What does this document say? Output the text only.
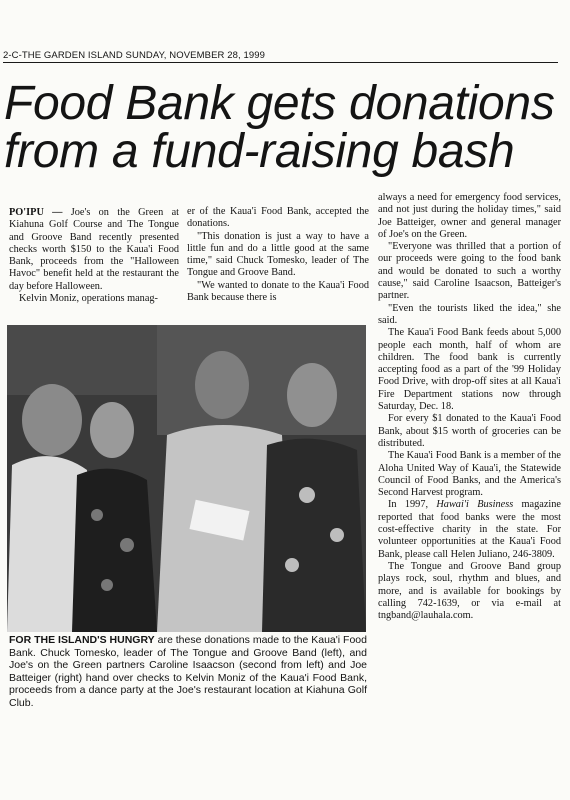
2-C-THE GARDEN ISLAND SUNDAY, NOVEMBER 28, 1999
Food Bank gets donations
from a fund-raising bash

PO'IPU — Joe's on the Green at Kiahuna Golf Course and The Tongue and Groove Band recently presented checks worth $150 to the Kaua'i Food Bank, proceeds from the "Halloween Havoc" benefit held at the restaurant the day before Halloween.

Kelvin Moniz, operations manag-

er of the Kaua'i Food Bank, accepted the donations.

"This donation is just a way to have a little fun and do a little good at the same time," said Chuck Tomesko, leader of The Tongue and Groove Band.

"We wanted to donate to the Kaua'i Food Bank because there is

always a need for emergency food services, and not just during the holiday times," said Joe Batteiger, owner and general manager of Joe's on the Green.

"Everyone was thrilled that a portion of our proceeds were going to the food bank and would be donated to such a worthy cause," said Caroline Isaacson, Batteiger's partner.

"Even the tourists liked the idea," she said.

The Kaua'i Food Bank feeds about 5,000 people each month, half of whom are children. The food bank is currently accepting food as a part of the '99 Holiday Food Drive, with drop-off sites at all Kaua'i Fire Department stations now through Saturday, Dec. 18.

For every $1 donated to the Kaua'i Food Bank, about $15 worth of groceries can be distributed.

The Kaua'i Food Bank is a member of the Aloha United Way of Kaua'i, the Statewide Council of Food Banks, and the America's Second Harvest program.

In 1997, Hawai'i Business magazine reported that food banks were the most cost-effective charity in the state. For volunteer opportunities at the Kaua'i Food Bank, please call Helen Juliano, 246-3809.

The Tongue and Groove Band group plays rock, soul, rhythm and blues, and more, and is available for bookings by calling 742-1639, or via e-mail at tngband@lauhala.com.

FOR THE ISLAND'S HUNGRY are these donations made to the Kaua'i Food Bank. Chuck Tomesko, leader of The Tongue and Groove Band (left), and Joe's on the Green partners Caroline Isaacson (second from left) and Joe Batteiger (right) hand over checks to Kelvin Moniz of the Kaua'i Food Bank, proceeds from a dance party at the Joe's restaurant location at Kiahuna Golf Club.
